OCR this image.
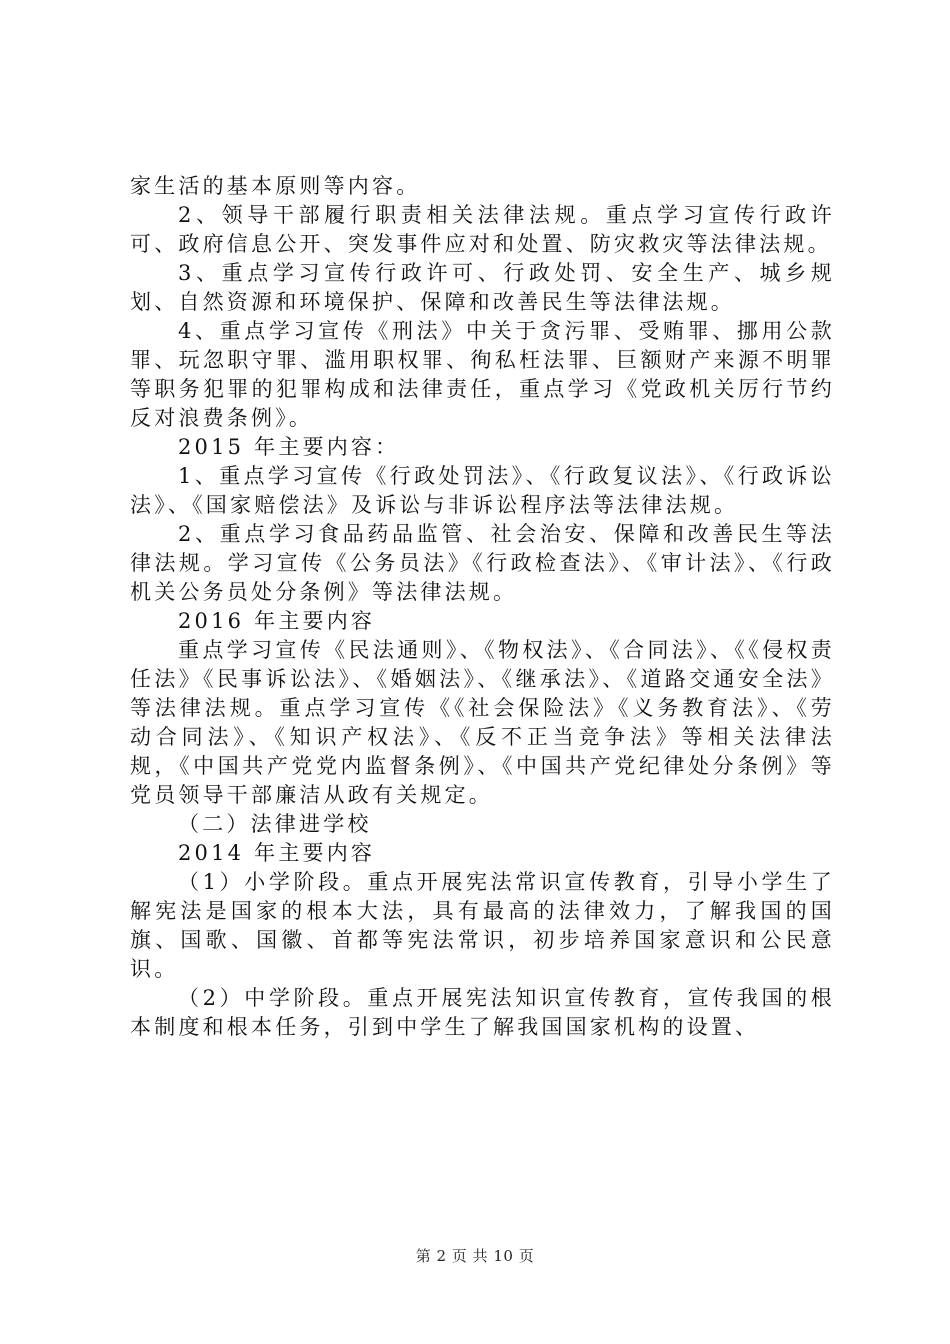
家生活的基本原则等内容。

2、领导干部履行职责相关法律法规。重点学习宣传行政许可、政府信息公开、突发事件应对和处置、防灾救灾等法律法规。

3、重点学习宣传行政许可、行政处罚、安全生产、城乡规划、自然资源和环境保护、保障和改善民生等法律法规。

4、重点学习宣传《刑法》中关于贪污罪、受贿罪、挪用公款罪、玩忽职守罪、滥用职权罪、徇私枉法罪、巨额财产来源不明罪等职务犯罪的犯罪构成和法律责任，重点学习《党政机关厉行节约反对浪费条例》。

2015 年主要内容：

1、重点学习宣传《行政处罚法》、《行政复议法》、《行政诉讼法》、《国家赔偿法》及诉讼与非诉讼程序法等法律法规。

2、重点学习食品药品监管、社会治安、保障和改善民生等法律法规。学习宣传《公务员法》《行政检查法》、《审计法》、《行政机关公务员处分条例》等法律法规。

2016 年主要内容

重点学习宣传《民法通则》、《物权法》、《合同法》、《《侵权责任法》《民事诉讼法》、《婚姻法》、《继承法》、《道路交通安全法》等法律法规。重点学习宣传《《社会保险法》《义务教育法》、《劳动合同法》、《知识产权法》、《反不正当竞争法》等相关法律法规，《中国共产党党内监督条例》、《中国共产党纪律处分条例》等党员领导干部廉洁从政有关规定。

（二）法律进学校

2014 年主要内容

（1）小学阶段。重点开展宪法常识宣传教育，引导小学生了解宪法是国家的根本大法，具有最高的法律效力，了解我国的国旗、国歌、国徽、首都等宪法常识，初步培养国家意识和公民意识。

（2）中学阶段。重点开展宪法知识宣传教育，宣传我国的根本制度和根本任务，引到中学生了解我国国家机构的设置、

第 2 页 共 10 页
